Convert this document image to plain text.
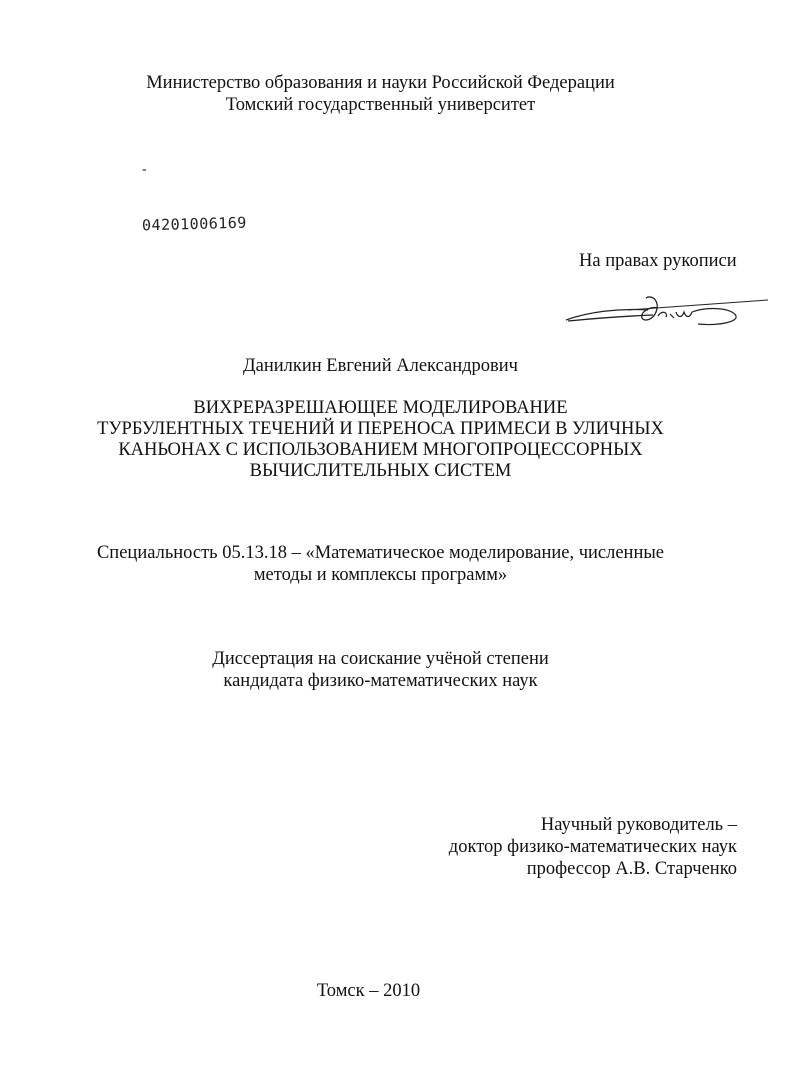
Министерство образования и науки Российской Федерации
Томский государственный университет
-
04201006169
На правах рукописи
Данилкин Евгений Александрович
ВИХРЕРАЗРЕШАЮЩЕЕ МОДЕЛИРОВАНИЕ
ТУРБУЛЕНТНЫХ ТЕЧЕНИЙ И ПЕРЕНОСА ПРИМЕСИ В УЛИЧНЫХ
КАНЬОНАХ С ИСПОЛЬЗОВАНИЕМ МНОГОПРОЦЕССОРНЫХ
ВЫЧИСЛИТЕЛЬНЫХ СИСТЕМ
Специальность 05.13.18 – «Математическое моделирование, численные
методы и комплексы программ»
Диссертация на соискание учёной степени
кандидата физико-математических наук
Научный руководитель –
доктор физико-математических наук
профессор А.В. Старченко
Томск – 2010
